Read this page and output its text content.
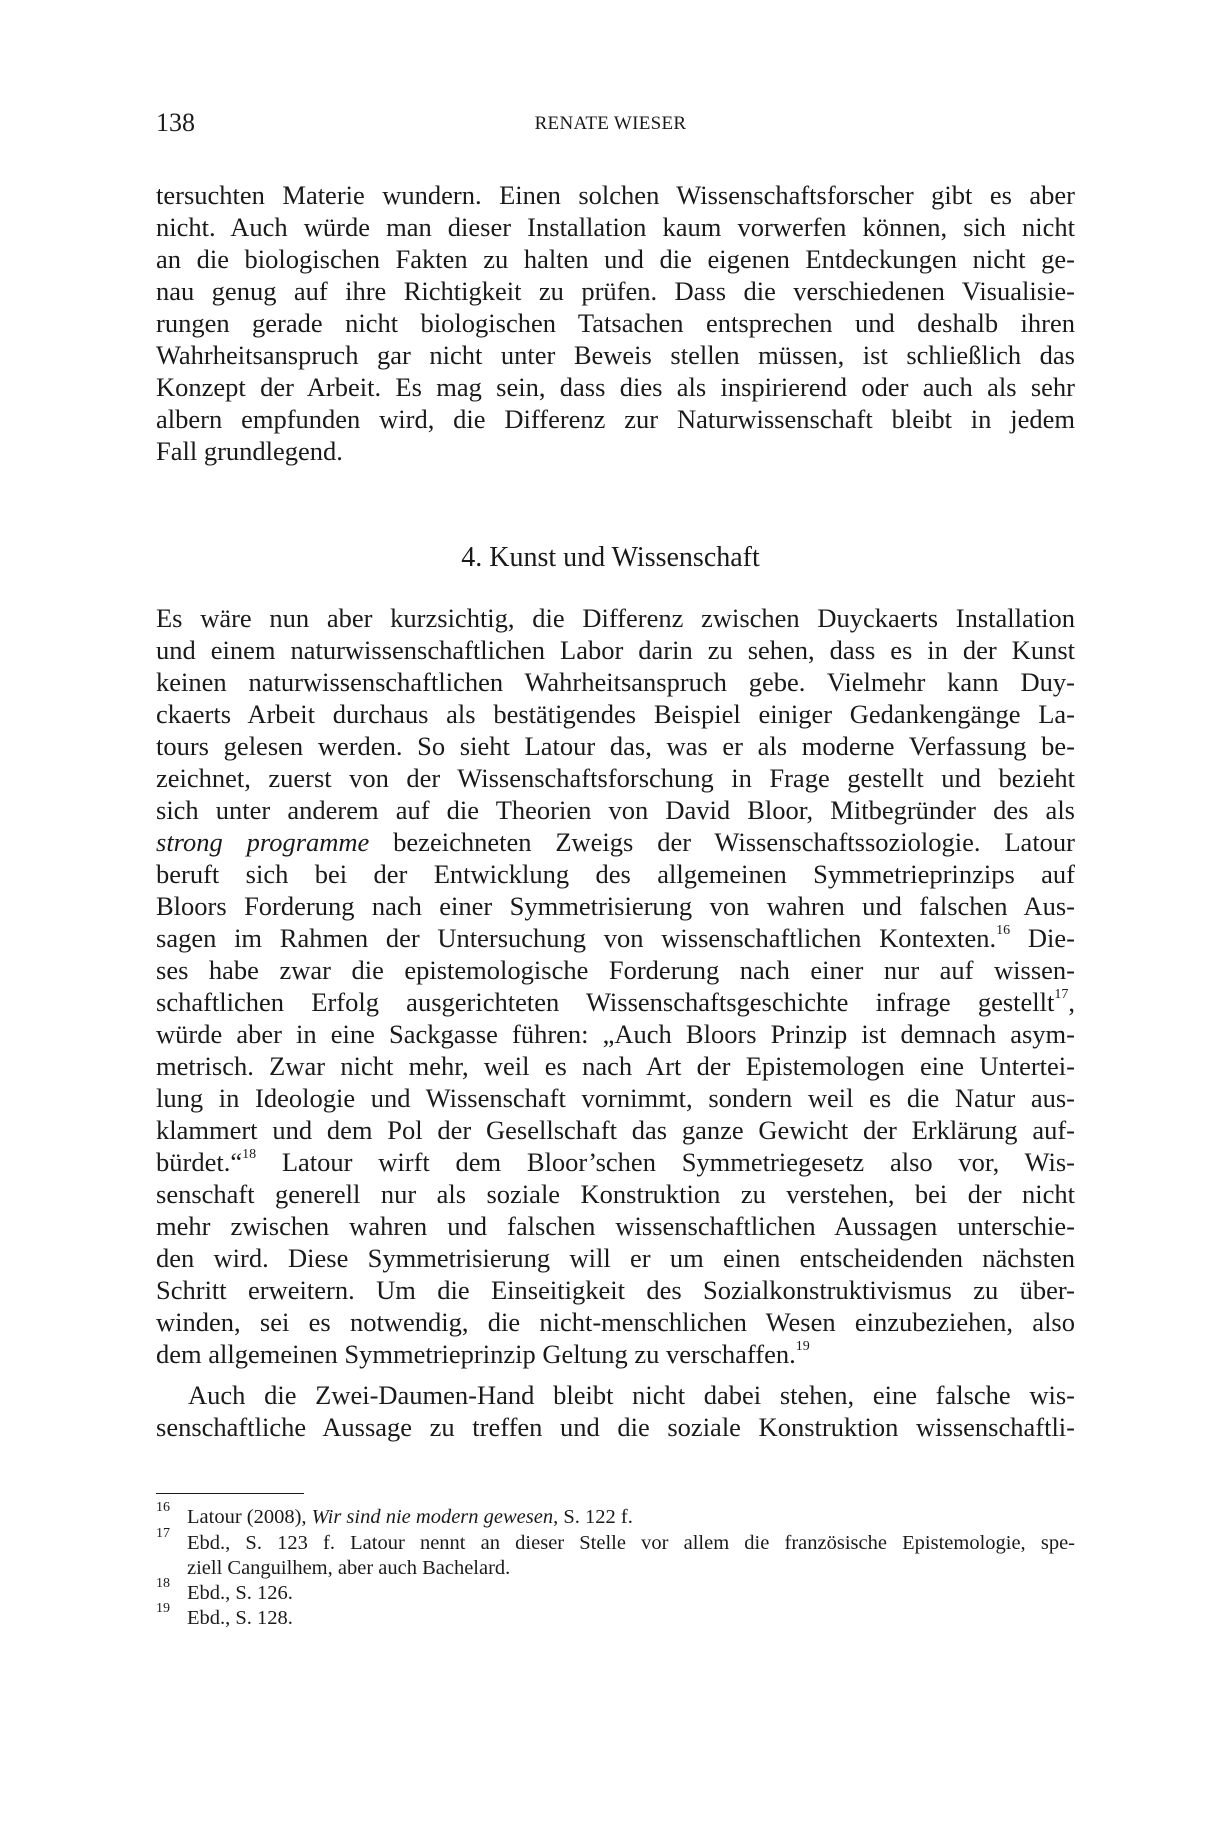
138	RENATE WIESER
tersuchten Materie wundern. Einen solchen Wissenschaftsforscher gibt es aber
nicht. Auch würde man dieser Installation kaum vorwerfen können, sich nicht
an die biologischen Fakten zu halten und die eigenen Entdeckungen nicht ge-
nau genug auf ihre Richtigkeit zu prüfen. Dass die verschiedenen Visualisie-
rungen gerade nicht biologischen Tatsachen entsprechen und deshalb ihren
Wahrheitsanspruch gar nicht unter Beweis stellen müssen, ist schließlich das
Konzept der Arbeit. Es mag sein, dass dies als inspirierend oder auch als sehr
albern empfunden wird, die Differenz zur Naturwissenschaft bleibt in jedem
Fall grundlegend.
4. Kunst und Wissenschaft
Es wäre nun aber kurzsichtig, die Differenz zwischen Duyckaerts Installation
und einem naturwissenschaftlichen Labor darin zu sehen, dass es in der Kunst
keinen naturwissenschaftlichen Wahrheitsanspruch gebe. Vielmehr kann Duy-
ckaerts Arbeit durchaus als bestätigendes Beispiel einiger Gedankengänge La-
tours gelesen werden. So sieht Latour das, was er als moderne Verfassung be-
zeichnet, zuerst von der Wissenschaftsforschung in Frage gestellt und bezieht
sich unter anderem auf die Theorien von David Bloor, Mitbegründer des als
strong programme bezeichneten Zweigs der Wissenschaftssoziologie. Latour
beruft sich bei der Entwicklung des allgemeinen Symmetrieprinzips auf
Bloors Forderung nach einer Symmetrisierung von wahren und falschen Aus-
sagen im Rahmen der Untersuchung von wissenschaftlichen Kontexten.$^{16}$ Die-
ses habe zwar die epistemologische Forderung nach einer nur auf wissen-
schaftlichen Erfolg ausgerichteten Wissenschaftsgeschichte infrage gestellt$^{17}$,
würde aber in eine Sackgasse führen: „Auch Bloors Prinzip ist demnach asym-
metrisch. Zwar nicht mehr, weil es nach Art der Epistemologen eine Untertei-
lung in Ideologie und Wissenschaft vornimmt, sondern weil es die Natur aus-
klammert und dem Pol der Gesellschaft das ganze Gewicht der Erklärung auf-
bürdet.“$^{18}$ Latour wirft dem Bloor’schen Symmetriegesetz also vor, Wis-
senschaft generell nur als soziale Konstruktion zu verstehen, bei der nicht
mehr zwischen wahren und falschen wissenschaftlichen Aussagen unterschie-
den wird. Diese Symmetrisierung will er um einen entscheidenden nächsten
Schritt erweitern. Um die Einseitigkeit des Sozialkonstruktivismus zu über-
winden, sei es notwendig, die nicht-menschlichen Wesen einzubeziehen, also
dem allgemeinen Symmetrieprinzip Geltung zu verschaffen.$^{19}$
Auch die Zwei-Daumen-Hand bleibt nicht dabei stehen, eine falsche wis-
senschaftliche Aussage zu treffen und die soziale Konstruktion wissenschaftli-
16 Latour (2008), Wir sind nie modern gewesen, S. 122 f.
17 Ebd., S. 123 f. Latour nennt an dieser Stelle vor allem die französische Epistemologie, spe-
ziell Canguilhem, aber auch Bachelard.
18 Ebd., S. 126.
19 Ebd., S. 128.
